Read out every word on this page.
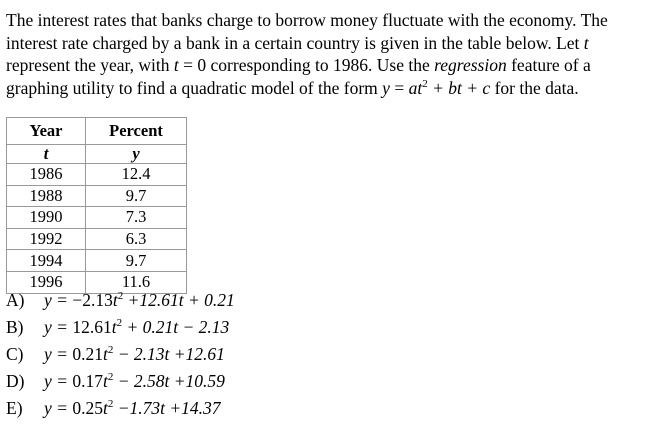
The interest rates that banks charge to borrow money fluctuate with the economy. The interest rate charged by a bank in a certain country is given in the table below. Let t represent the year, with t = 0 corresponding to 1986. Use the regression feature of a graphing utility to find a quadratic model of the form $y = at^2$ + bt + c for the data.
Year	Percent
t	y
1986	12.4
1988	9.7
1990	7.3
1992	6.3
1994	9.7
1996	11.6
A) $y = -2.13t^2 +12.61t + 0.21$
B) $y = 12.61t^2 + 0.21t - 2.13$
C) $y = 0.21t^2 - 2.13t +12.61$
D) $y = 0.17t^2 - 2.58t +10.59$
E) $y = 0.25t^2 -1.73t +14.37$
